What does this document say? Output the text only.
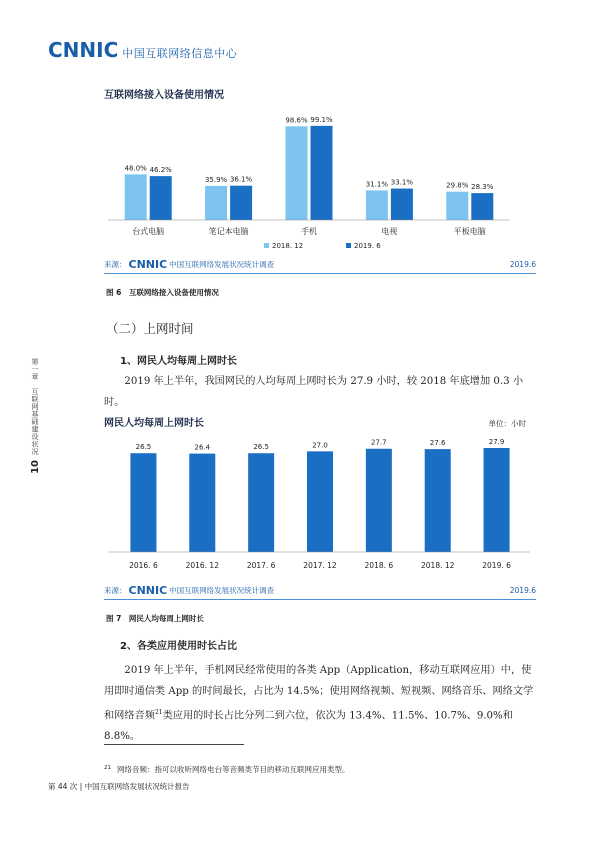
CNNIC 中国互联网络信息中心
互联网络接入设备使用情况
48.0% 46.2%
台式电脑
35.9% 36.1%
笔记本电脑
98.6% 99.1%
手机
31.1% 33.1%
电视
29.8% 28.3%
平板电脑
2018. 12	2019. 6
来源： CNNIC 中国互联网络发展状况统计调查	2019.6
图 6　互联网络接入设备使用情况
（二）上网时间
1、网民人均每周上网时长
2019 年上半年，我国网民的人均每周上网时长为 27.9 小时，较 2018 年底增加 0.3 小时。
网民人均每周上网时长	单位：小时
26.5
2016. 6
26.4
2016. 12
26.5
2017. 6
27.0
2017. 12
27.7
2018. 6
27.6
2018. 12
27.9
2019. 6
来源： CNNIC 中国互联网络发展状况统计调查	2019.6
图 7　网民人均每周上网时长
2、各类应用使用时长占比
2019 年上半年，手机网民经常使用的各类 App（Application，移动互联网应用）中，使用即时通信类 App 的时间最长，占比为 14.5%；使用网络视频、短视频、网络音乐、网络文学和网络音频$^{21}$类应用的时长占比分列二到六位，依次为 13.4%、11.5%、10.7%、9.0%和 8.8%。
第一章　互联网基础建设状况
10
$^{21}$ 网络音频：指可以收听网络电台等音频类节目的移动互联网应用类型。
第 44 次 | 中国互联网络发展状况统计报告
